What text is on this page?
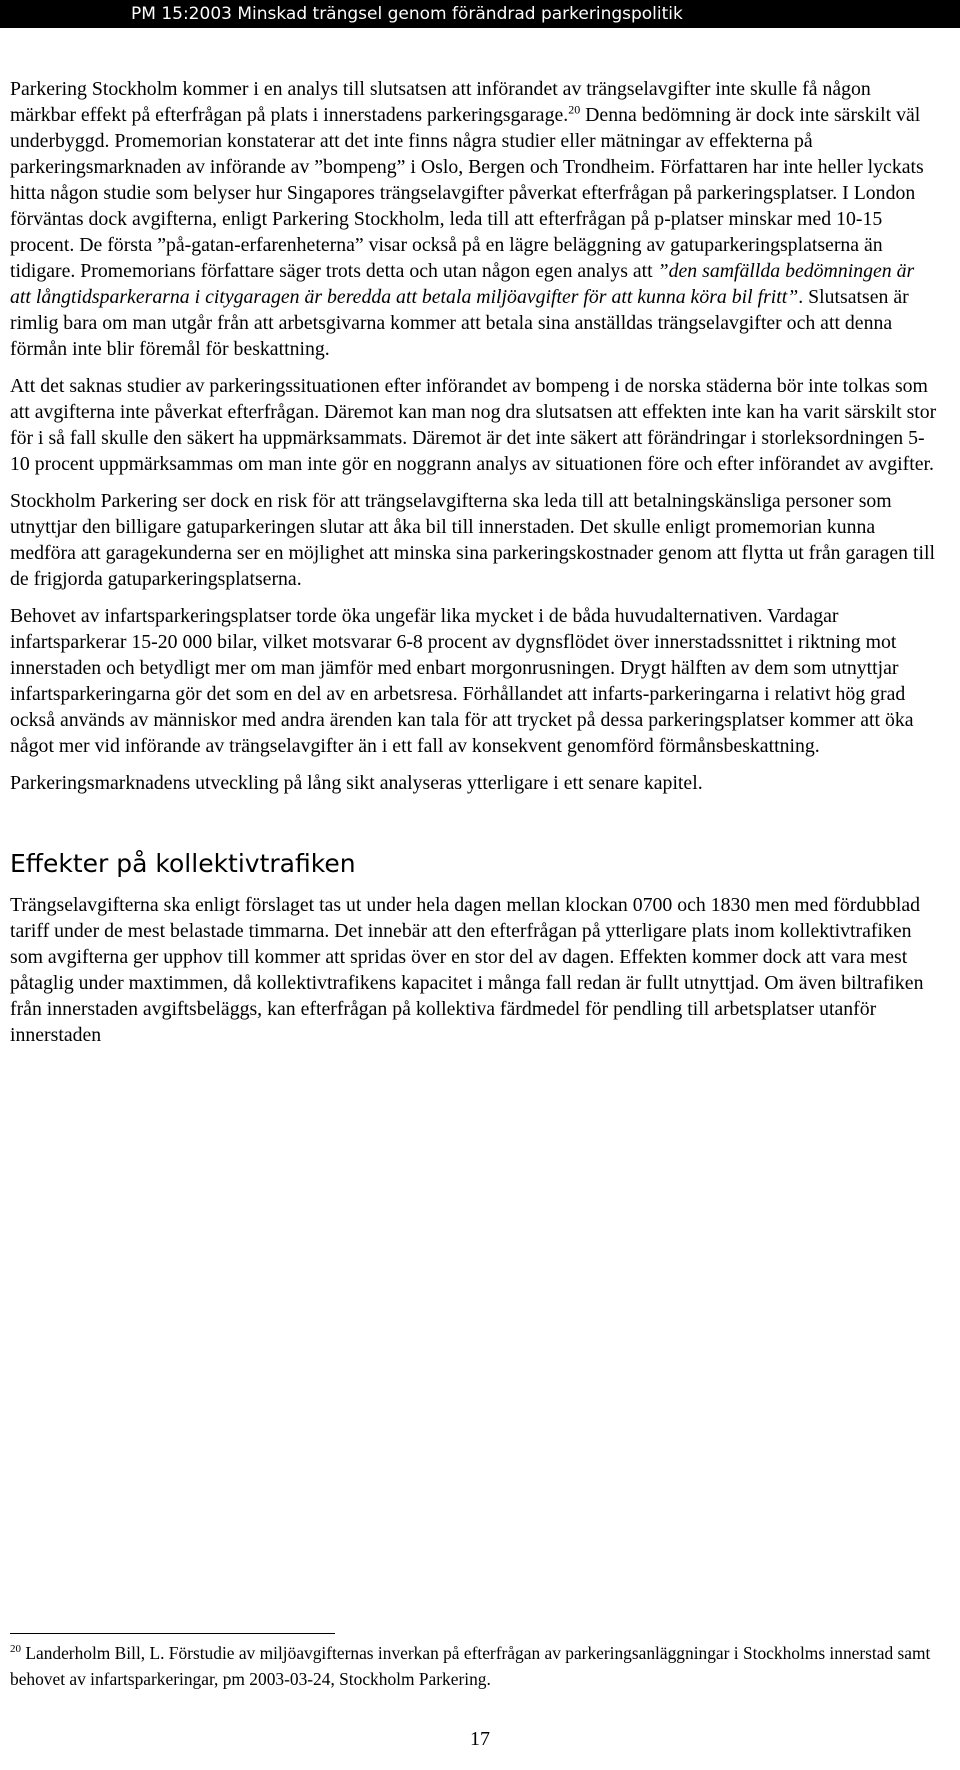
PM 15:2003 Minskad trängsel genom förändrad parkeringspolitik

Parkering Stockholm kommer i en analys till slutsatsen att införandet av trängselavgifter inte skulle få någon märkbar effekt på efterfrågan på plats i innerstadens parkeringsgarage.$^{20}$ Denna bedömning är dock inte särskilt väl underbyggd. Promemorian konstaterar att det inte finns några studier eller mätningar av effekterna på parkeringsmarknaden av införande av ”bompeng” i Oslo, Bergen och Trondheim. Författaren har inte heller lyckats hitta någon studie som belyser hur Singapores trängselavgifter påverkat efterfrågan på parkeringsplatser. I London förväntas dock avgifterna, enligt Parkering Stockholm, leda till att efterfrågan på p-platser minskar med 10-15 procent. De första ”på-gatan-erfarenheterna” visar också på en lägre beläggning av gatuparkeringsplatserna än tidigare. Promemorians författare säger trots detta och utan någon egen analys att ”den samfällda bedömningen är att långtidsparkerarna i citygaragen är beredda att betala miljöavgifter för att kunna köra bil fritt”. Slutsatsen är rimlig bara om man utgår från att arbetsgivarna kommer att betala sina anställdas trängselavgifter och att denna förmån inte blir föremål för beskattning.

Att det saknas studier av parkeringssituationen efter införandet av bompeng i de norska städerna bör inte tolkas som att avgifterna inte påverkat efterfrågan. Däremot kan man nog dra slutsatsen att effekten inte kan ha varit särskilt stor för i så fall skulle den säkert ha uppmärksammats. Däremot är det inte säkert att förändringar i storleksordningen 5-10 procent uppmärksammas om man inte gör en noggrann analys av situationen före och efter införandet av avgifter.

Stockholm Parkering ser dock en risk för att trängselavgifterna ska leda till att betalningskänsliga personer som utnyttjar den billigare gatuparkeringen slutar att åka bil till innerstaden. Det skulle enligt promemorian kunna medföra att garagekunderna ser en möjlighet att minska sina parkeringskostnader genom att flytta ut från garagen till de frigjorda gatuparkeringsplatserna.

Behovet av infartsparkeringsplatser torde öka ungefär lika mycket i de båda huvudalternativen. Vardagar infartsparkerar 15-20 000 bilar, vilket motsvarar 6-8 procent av dygnsflödet över innerstadssnittet i riktning mot innerstaden och betydligt mer om man jämför med enbart morgonrusningen. Drygt hälften av dem som utnyttjar infartsparkeringarna gör det som en del av en arbetsresa. Förhållandet att infarts-parkeringarna i relativt hög grad också används av människor med andra ärenden kan tala för att trycket på dessa parkeringsplatser kommer att öka något mer vid införande av trängselavgifter än i ett fall av konsekvent genomförd förmånsbeskattning.

Parkeringsmarknadens utveckling på lång sikt analyseras ytterligare i ett senare kapitel.

Effekter på kollektivtrafiken

Trängselavgifterna ska enligt förslaget tas ut under hela dagen mellan klockan 0700 och 1830 men med fördubblad tariff under de mest belastade timmarna. Det innebär att den efterfrågan på ytterligare plats inom kollektivtrafiken som avgifterna ger upphov till kommer att spridas över en stor del av dagen. Effekten kommer dock att vara mest påtaglig under maxtimmen, då kollektivtrafikens kapacitet i många fall redan är fullt utnyttjad. Om även biltrafiken från innerstaden avgiftsbeläggs, kan efterfrågan på kollektiva färdmedel för pendling till arbetsplatser utanför innerstaden

$^{20}$ Landerholm Bill, L. Förstudie av miljöavgifternas inverkan på efterfrågan av parkeringsanläggningar i Stockholms innerstad samt behovet av infartsparkeringar, pm 2003-03-24, Stockholm Parkering.
17
